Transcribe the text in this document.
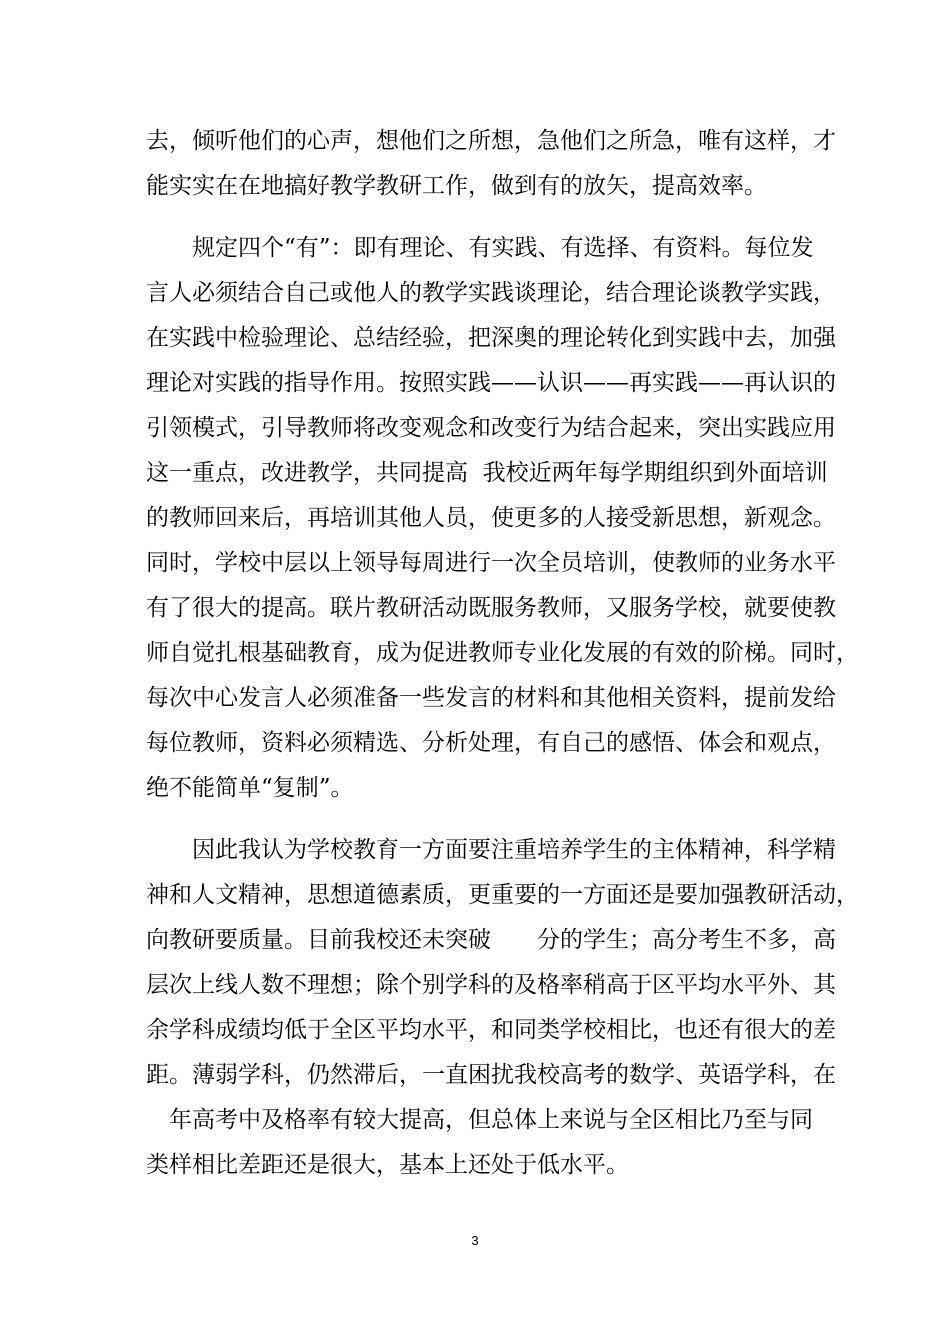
去，倾听他们的心声，想他们之所想，急他们之所急，唯有这样，才
能实实在在地搞好教学教研工作，做到有的放矢，提高效率。
　　规定四个“有”：即有理论、有实践、有选择、有资料。每位发
言人必须结合自己或他人的教学实践谈理论，结合理论谈教学实践，
在实践中检验理论、总结经验，把深奥的理论转化到实践中去，加强
理论对实践的指导作用。按照实践——认识——再实践——再认识的
引领模式，引导教师将改变观念和改变行为结合起来，突出实践应用
这一重点，改进教学，共同提高  我校近两年每学期组织到外面培训
的教师回来后，再培训其他人员，使更多的人接受新思想，新观念。
同时，学校中层以上领导每周进行一次全员培训，使教师的业务水平
有了很大的提高。联片教研活动既服务教师，又服务学校，就要使教
师自觉扎根基础教育，成为促进教师专业化发展的有效的阶梯。同时，
每次中心发言人必须准备一些发言的材料和其他相关资料，提前发给
每位教师，资料必须精选、分析处理，有自己的感悟、体会和观点，
绝不能简单“复制”。
　　因此我认为学校教育一方面要注重培养学生的主体精神，科学精
神和人文精神，思想道德素质，更重要的一方面还是要加强教研活动，
向教研要质量。目前我校还未突破　　分的学生；高分考生不多，高
层次上线人数不理想；除个别学科的及格率稍高于区平均水平外、其
余学科成绩均低于全区平均水平，和同类学校相比，也还有很大的差
距。薄弱学科，仍然滞后，一直困扰我校高考的数学、英语学科，在
　年高考中及格率有较大提高，但总体上来说与全区相比乃至与同
类样相比差距还是很大，基本上还处于低水平。
3
